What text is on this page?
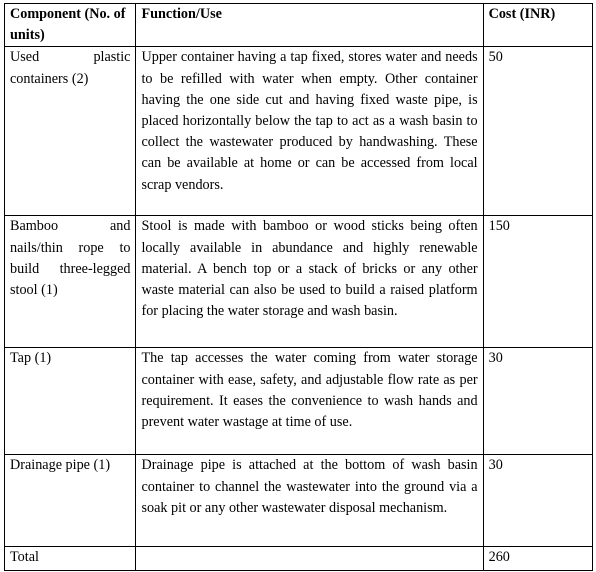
Component (No. of units)	Function/Use	Cost (INR)
Used plastic containers (2)	Upper container having a tap fixed, stores water and needs to be refilled with water when empty. Other container having the one side cut and having fixed waste pipe, is placed horizontally below the tap to act as a wash basin to collect the wastewater produced by handwashing. These can be available at home or can be accessed from local scrap vendors.	50
Bamboo and nails/thin rope to build three-legged stool (1)	Stool is made with bamboo or wood sticks being often locally available in abundance and highly renewable material. A bench top or a stack of bricks or any other waste material can also be used to build a raised platform for placing the water storage and wash basin.	150
Tap (1)	The tap accesses the water coming from water storage container with ease, safety, and adjustable flow rate as per requirement. It eases the convenience to wash hands and prevent water wastage at time of use.	30
Drainage pipe (1)	Drainage pipe is attached at the bottom of wash basin container to channel the wastewater into the ground via a soak pit or any other wastewater disposal mechanism.	30
Total		260
